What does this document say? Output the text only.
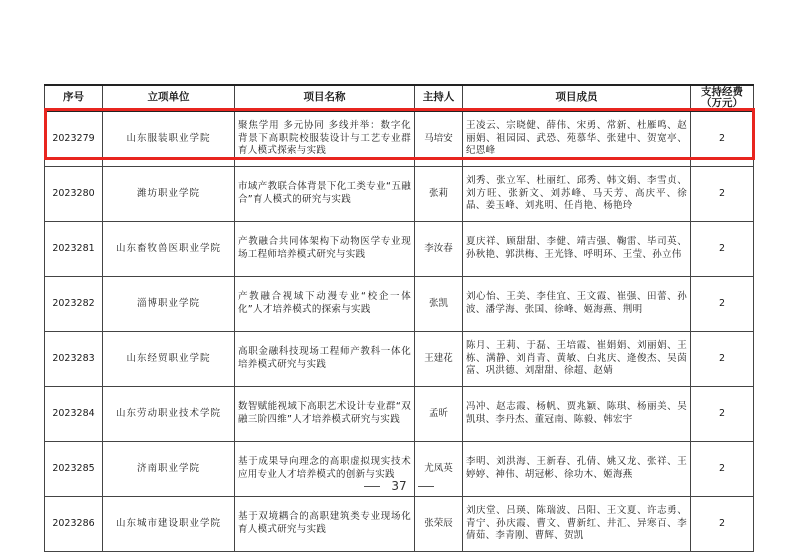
序号	立项单位	项目名称	主持人	项目成员	支持经费（万元）
2023279	山东服装职业学院	聚焦学用 多元协同 多线并举：数字化背景下高职院校服装设计与工艺专业群育人模式探索与实践	马培安	王凌云、宗晓健、薛伟、宋勇、常新、杜雁鸣、赵丽娟、祖园园、武恐、苑慕华、张建中、贺宽亭、纪恩峰	2
2023280	潍坊职业学院	市域产教联合体背景下化工类专业“五融合”育人模式的研究与实践	张莉	刘秀、张立军、杜丽红、邱秀、韩文娟、李雪贞、刘方旺、张新文、刘苏峰、马天芳、高庆平、徐晶、姜玉峰、刘兆明、任肖艳、杨艳玲	2
2023281	山东畜牧兽医职业学院	产教融合共同体架构下动物医学专业现场工程师培养模式研究与实践	李汝春	夏庆祥、顾甜甜、李健、靖吉强、鞠雷、毕司英、孙秋艳、郭洪梅、王光锋、呼明环、王莹、孙立伟	2
2023282	淄博职业学院	产教融合视域下动漫专业“校企一体化”人才培养模式的探索与实践	张凯	刘心怡、王美、李佳宜、王文霞、崔强、田蕾、孙波、潘学海、张国、徐峰、姬海燕、荆明	2
2023283	山东经贸职业学院	高职金融科技现场工程师产教科一体化培养模式研究与实践	王建花	陈月、王莉、于磊、王培霞、崔娟娟、刘丽娟、王栋、满静、刘肖青、黄敏、白兆庆、逄俊杰、吴茵富、巩洪德、刘甜甜、徐超、赵婧	2
2023284	山东劳动职业技术学院	数智赋能视域下高职艺术设计专业群“双融三阶四维”人才培养模式研究与实践	孟昕	冯冲、赵志霞、杨帆、贾兆颖、陈琪、杨丽美、吴凯琪、李丹杰、董冠南、陈毅、韩宏宇	2
2023285	济南职业学院	基于成果导向理念的高职虚拟现实技术应用专业人才培养模式的创新与实践	尤凤英	李明、刘洪海、王新春、孔倩、姚又龙、张祥、王婷婷、神伟、胡冠彬、徐功木、姬海燕	2
2023286	山东城市建设职业学院	基于双境耦合的高职建筑类专业现场化育人模式研究与实践	张荣辰	刘庆堂、吕瑛、陈瑞波、吕阳、王文夏、许志勇、青宁、孙庆霞、曹文、曹新红、井汇、异寒百、李倩茹、李青刚、曹辉、贺凯	2
37
